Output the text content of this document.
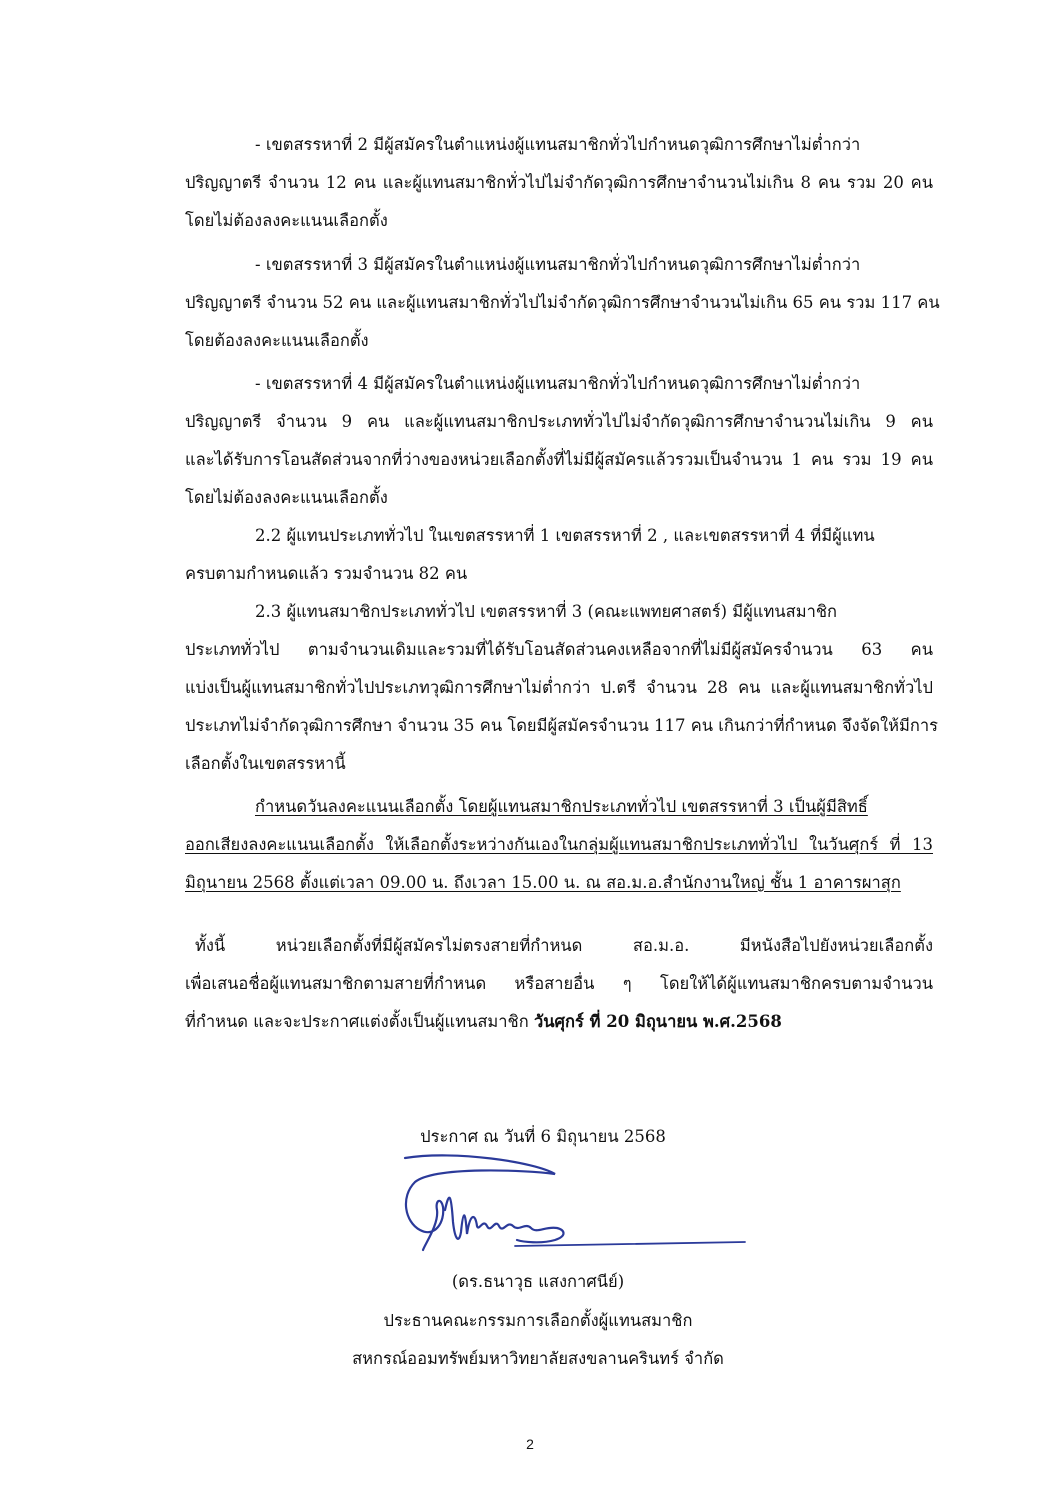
- เขตสรรหาที่ 2 มีผู้สมัครในตำแหน่งผู้แทนสมาชิกทั่วไปกำหนดวุฒิการศึกษาไม่ต่ำกว่า
ปริญญาตรี จำนวน 12 คน และผู้แทนสมาชิกทั่วไปไม่จำกัดวุฒิการศึกษาจำนวนไม่เกิน 8 คน รวม 20 คน
โดยไม่ต้องลงคะแนนเลือกตั้ง
- เขตสรรหาที่ 3 มีผู้สมัครในตำแหน่งผู้แทนสมาชิกทั่วไปกำหนดวุฒิการศึกษาไม่ต่ำกว่า
ปริญญาตรี จำนวน 52 คน และผู้แทนสมาชิกทั่วไปไม่จำกัดวุฒิการศึกษาจำนวนไม่เกิน 65 คน รวม 117 คน
โดยต้องลงคะแนนเลือกตั้ง
- เขตสรรหาที่ 4 มีผู้สมัครในตำแหน่งผู้แทนสมาชิกทั่วไปกำหนดวุฒิการศึกษาไม่ต่ำกว่า
ปริญญาตรี จำนวน 9 คน และผู้แทนสมาชิกประเภททั่วไปไม่จำกัดวุฒิการศึกษาจำนวนไม่เกิน 9 คน
และได้รับการโอนสัดส่วนจากที่ว่างของหน่วยเลือกตั้งที่ไม่มีผู้สมัครแล้วรวมเป็นจำนวน 1 คน รวม 19 คน
โดยไม่ต้องลงคะแนนเลือกตั้ง
2.2 ผู้แทนประเภททั่วไป ในเขตสรรหาที่ 1 เขตสรรหาที่ 2 , และเขตสรรหาที่ 4 ที่มีผู้แทน
ครบตามกำหนดแล้ว รวมจำนวน 82 คน
2.3 ผู้แทนสมาชิกประเภททั่วไป เขตสรรหาที่ 3 (คณะแพทยศาสตร์) มีผู้แทนสมาชิก
ประเภททั่วไป ตามจำนวนเดิมและรวมที่ได้รับโอนสัดส่วนคงเหลือจากที่ไม่มีผู้สมัครจำนวน 63 คน
แบ่งเป็นผู้แทนสมาชิกทั่วไปประเภทวุฒิการศึกษาไม่ต่ำกว่า ป.ตรี จำนวน 28 คน และผู้แทนสมาชิกทั่วไป
ประเภทไม่จำกัดวุฒิการศึกษา จำนวน 35 คน โดยมีผู้สมัครจำนวน 117 คน เกินกว่าที่กำหนด จึงจัดให้มีการ
เลือกตั้งในเขตสรรหานี้
กำหนดวันลงคะแนนเลือกตั้ง โดยผู้แทนสมาชิกประเภททั่วไป เขตสรรหาที่ 3 เป็นผู้มีสิทธิ์
ออกเสียงลงคะแนนเลือกตั้ง ให้เลือกตั้งระหว่างกันเองในกลุ่มผู้แทนสมาชิกประเภททั่วไป ในวันศุกร์ ที่ 13
มิถุนายน 2568 ตั้งแต่เวลา 09.00 น. ถึงเวลา 15.00 น. ณ สอ.ม.อ.สำนักงานใหญ่ ชั้น 1 อาคารผาสุก
ทั้งนี้ หน่วยเลือกตั้งที่มีผู้สมัครไม่ตรงสายที่กำหนด สอ.ม.อ. มีหนังสือไปยังหน่วยเลือกตั้ง
เพื่อเสนอชื่อผู้แทนสมาชิกตามสายที่กำหนด หรือสายอื่น ๆ โดยให้ได้ผู้แทนสมาชิกครบตามจำนวน
ที่กำหนด และจะประกาศแต่งตั้งเป็นผู้แทนสมาชิก วันศุกร์ ที่ 20 มิถุนายน พ.ศ.2568
ประกาศ ณ วันที่ 6 มิถุนายน 2568
(ดร.ธนาวุธ แสงกาศนีย์)
ประธานคณะกรรมการเลือกตั้งผู้แทนสมาชิก
สหกรณ์ออมทรัพย์มหาวิทยาลัยสงขลานครินทร์ จำกัด
2
